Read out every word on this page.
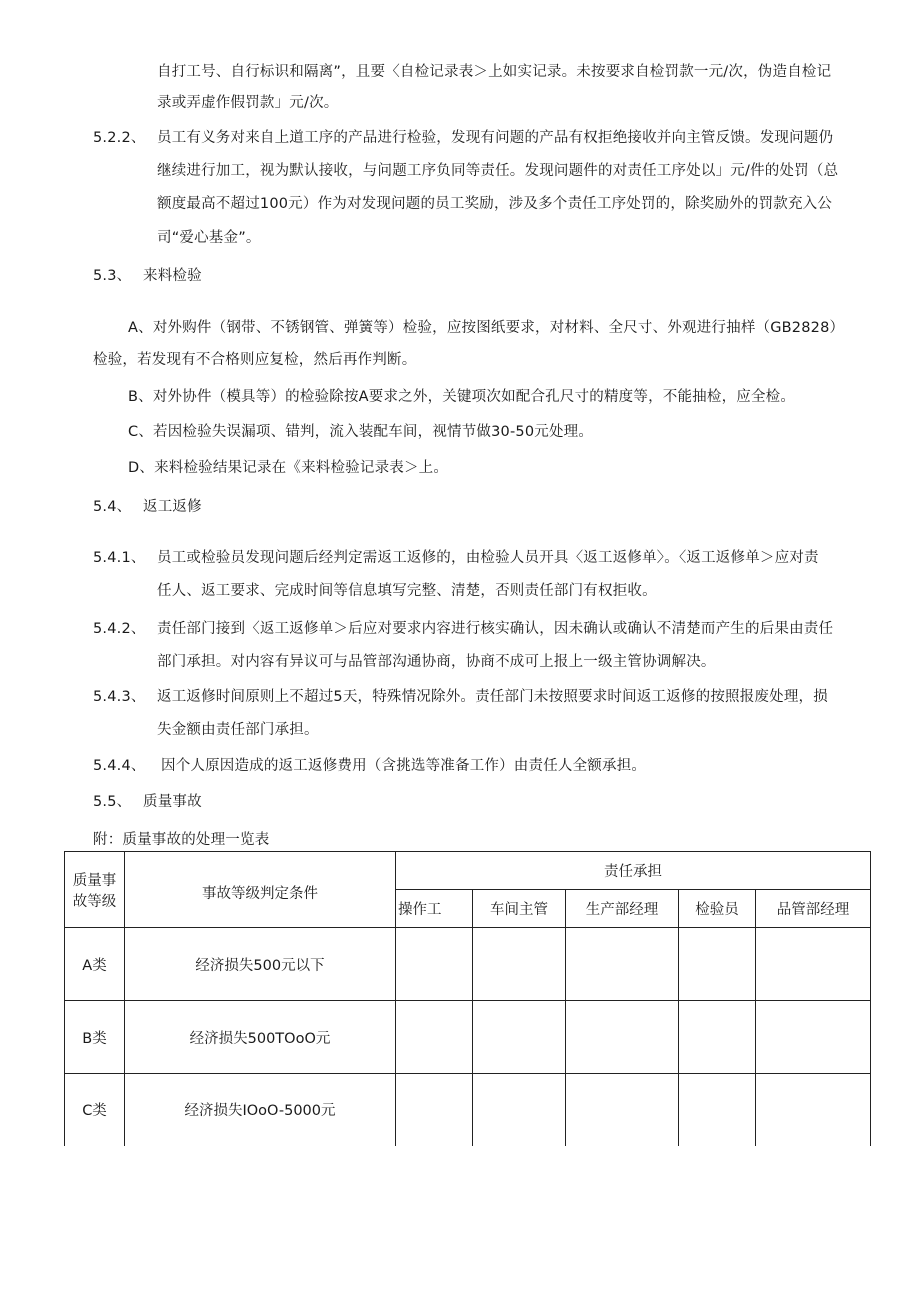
自打工号、自行标识和隔离”，且要〈自检记录表＞上如实记录。未按要求自检罚款一元/次，伪造自检记
录或弄虚作假罚款」元/次。
5.2.2、 员工有义务对来自上道工序的产品进行检验，发现有问题的产品有权拒绝接收并向主管反馈。发现问题仍
继续进行加工，视为默认接收，与问题工序负同等责任。发现问题件的对责任工序处以」元/件的处罚（总
额度最高不超过100元）作为对发现问题的员工奖励，涉及多个责任工序处罚的，除奖励外的罚款充入公
司“爱心基金”。
5.3、 来料检验
A、对外购件（钢带、不锈钢管、弹簧等）检验，应按图纸要求，对材料、全尺寸、外观进行抽样（GB2828）
检验，若发现有不合格则应复检，然后再作判断。
B、对外协件（模具等）的检验除按A要求之外，关键项次如配合孔尺寸的精度等，不能抽检，应全检。
C、若因检验失误漏项、错判，流入装配车间，视情节做30-50元处理。
D、来料检验结果记录在《来料检验记录表＞上。
5.4、 返工返修
5.4.1、 员工或检验员发现问题后经判定需返工返修的，由检验人员开具〈返工返修单〉。〈返工返修单＞应对责
任人、返工要求、完成时间等信息填写完整、清楚，否则责任部门有权拒收。
5.4.2、 责任部门接到〈返工返修单＞后应对要求内容进行核实确认，因未确认或确认不清楚而产生的后果由责任
部门承担。对内容有异议可与品管部沟通协商，协商不成可上报上一级主管协调解决。
5.4.3、 返工返修时间原则上不超过5天，特殊情况除外。责任部门未按照要求时间返工返修的按照报废处理，损
失金额由责任部门承担。
5.4.4、 因个人原因造成的返工返修费用（含挑选等准备工作）由责任人全额承担。
5.5、 质量事故
附：质量事故的处理一览表
质量事
故等级	事故等级判定条件	责任承担				
		操作工	车间主管	生产部经理	检验员	品管部经理
A类	经济损失500元以下					
B类	经济损失500TOoO元					
C类	经济损失IOoO-5000元					
